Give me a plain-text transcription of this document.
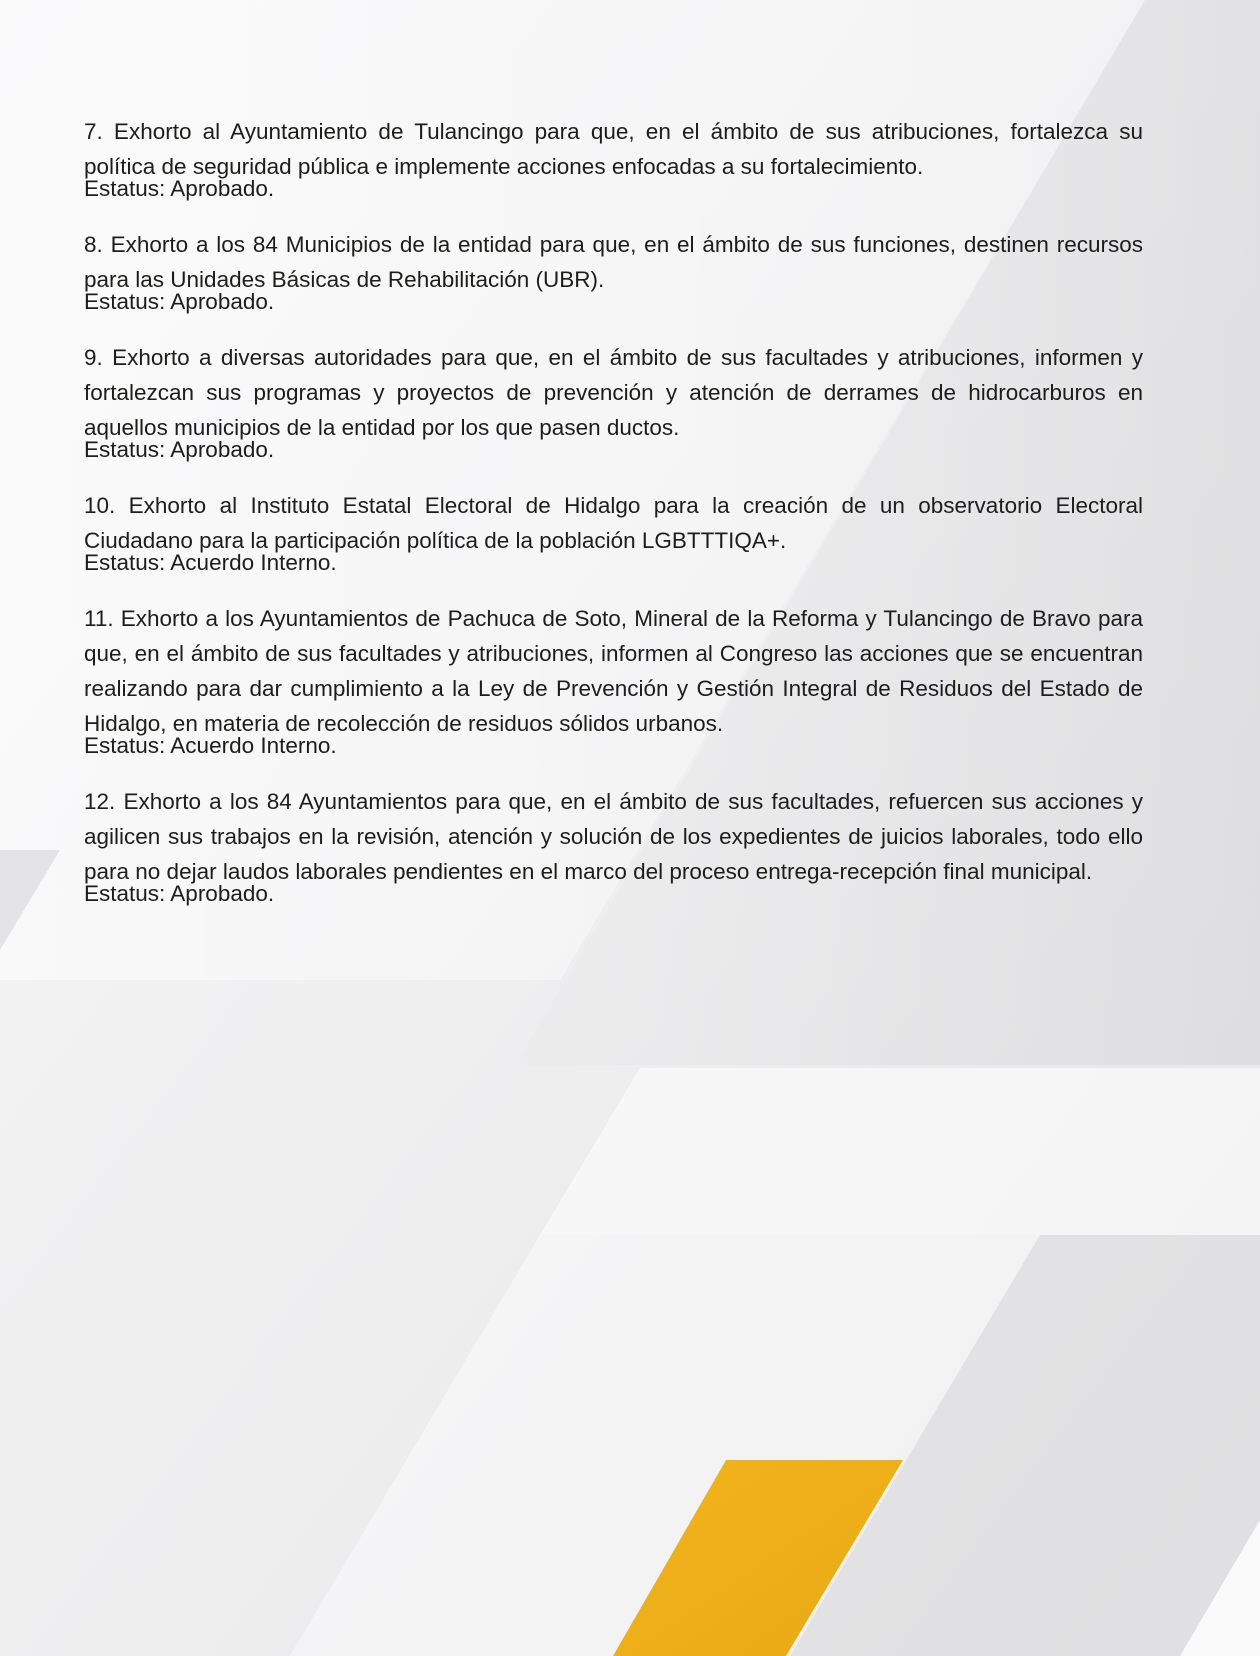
7. Exhorto al Ayuntamiento de Tulancingo para que, en el ámbito de sus atribuciones, fortalezca su política de seguridad pública e implemente acciones enfocadas a su fortalecimiento.

Estatus: Aprobado.

8. Exhorto a los 84 Municipios de la entidad para que, en el ámbito de sus funciones, destinen recursos para las Unidades Básicas de Rehabilitación (UBR).

Estatus: Aprobado.

9. Exhorto a diversas autoridades para que, en el ámbito de sus facultades y atribuciones, informen y fortalezcan sus programas y proyectos de prevención y atención de derrames de hidrocarburos en aquellos municipios de la entidad por los que pasen ductos.

Estatus: Aprobado.

10. Exhorto al Instituto Estatal Electoral de Hidalgo para la creación de un observatorio Electoral Ciudadano para la participación política de la población LGBTTTIQA+.

Estatus: Acuerdo Interno.

11. Exhorto a los Ayuntamientos de Pachuca de Soto, Mineral de la Reforma y Tulancingo de Bravo para que, en el ámbito de sus facultades y atribuciones, informen al Congreso las acciones que se encuentran realizando para dar cumplimiento a la Ley de Prevención y Gestión Integral de Residuos del Estado de Hidalgo, en materia de recolección de residuos sólidos urbanos.

Estatus: Acuerdo Interno.

12. Exhorto a los 84 Ayuntamientos para que, en el ámbito de sus facultades, refuercen sus acciones y agilicen sus trabajos en la revisión, atención y solución de los expedientes de juicios laborales, todo ello para no dejar laudos laborales pendientes en el marco del proceso entrega-recepción final municipal.

Estatus: Aprobado.
